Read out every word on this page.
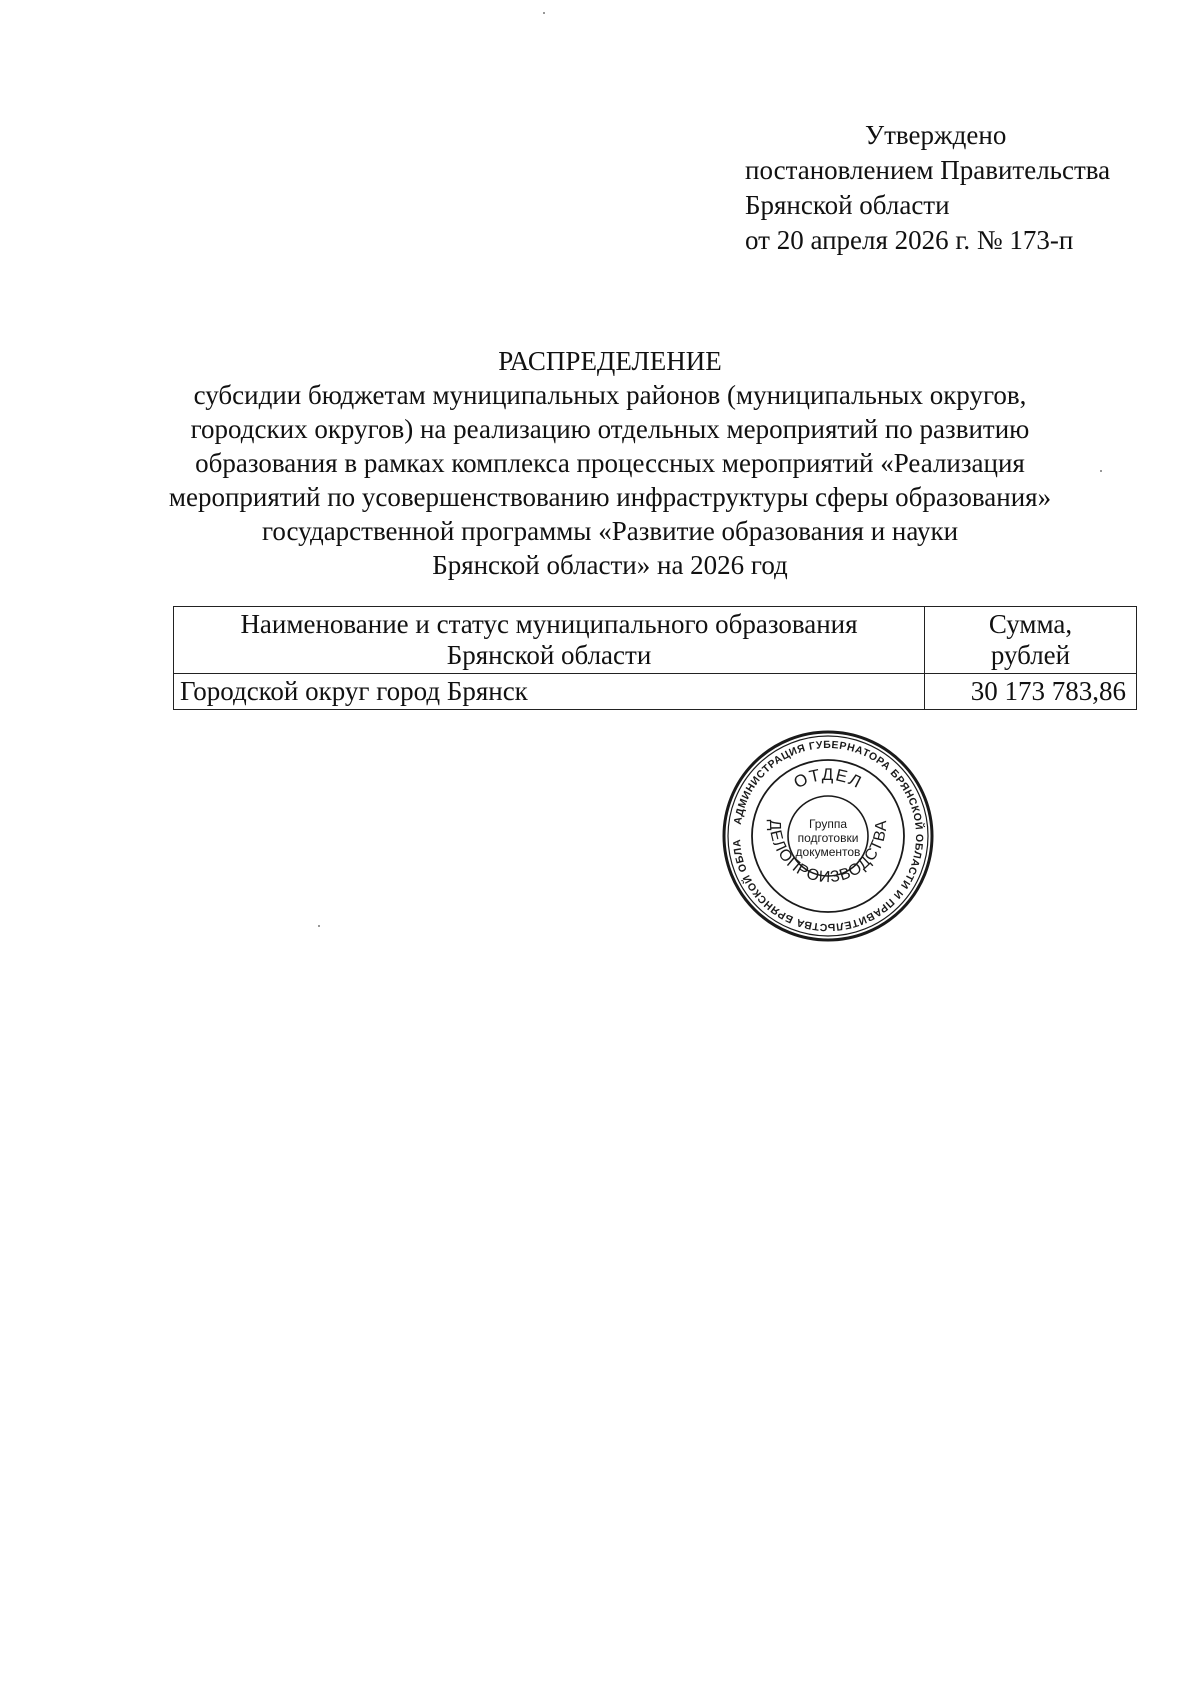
Утверждено
постановлением Правительства
Брянской области
от 20 апреля 2026 г. № 173-п
РАСПРЕДЕЛЕНИЕ
субсидии бюджетам муниципальных районов (муниципальных округов,
городских округов) на реализацию отдельных мероприятий по развитию
образования в рамках комплекса процессных мероприятий «Реализация
мероприятий по усовершенствованию инфраструктуры сферы образования»
государственной программы «Развитие образования и науки
Брянской области» на 2026 год
Наименование и статус муниципального образования
Брянской области	Сумма,
рублей
Городской округ город Брянск	30 173 783,86
АДМИНИСТРАЦИЯ ГУБЕРНАТОРА БРЯНСКОЙ ОБЛАСТИ И ПРАВИТЕЛЬСТВА БРЯНСКОЙ ОБЛА
ОТДЕЛ
ДЕЛОПРОИЗВОДСТВА
Группа
подготовки
документов
